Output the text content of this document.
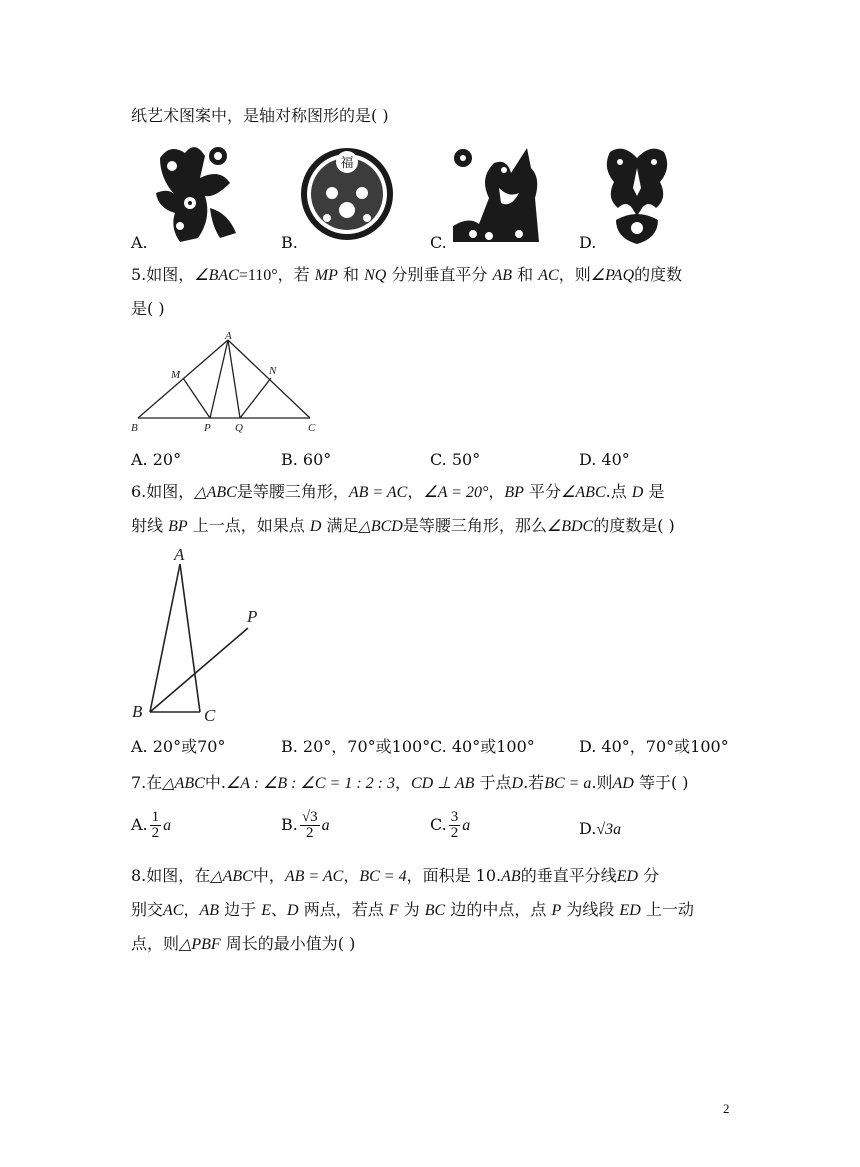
纸艺术图案中，是轴对称图形的是( )
福
A.	B.	C.	D.
5.如图，∠BAC=110°，若 MP 和 NQ 分别垂直平分 AB 和 AC，则∠PAQ的度数
是( )
A
M	N
B	P Q	C
A. 20°	B. 60°	C. 50°	D. 40°
6.如图，△ABC是等腰三角形，AB = AC，∠A = 20°，BP 平分∠ABC.点 D 是
射线 BP 上一点，如果点 D 满足△BCD是等腰三角形，那么∠BDC的度数是( )
A
P
B	C
A. 20°或70°	B. 20°，70°或100° C. 40°或100°	D. 40°，70°或100°
7.在△ABC中.∠A : ∠B : ∠C = 1 : 2 : 3，CD ⊥ AB 于点D.若BC = a.则AD 等于( )
A. $\frac{1}{2}$ a	B. $\frac{√3}{2}$ a	C. $\frac{3}{2}$ a	D.√3a
8.如图，在△ABC中，AB = AC，BC = 4，面积是 10.AB的垂直平分线ED 分
别交AC，AB 边于 E、D 两点，若点 F 为 BC 边的中点，点 P 为线段 ED 上一动
点，则△PBF 周长的最小值为( )
2
